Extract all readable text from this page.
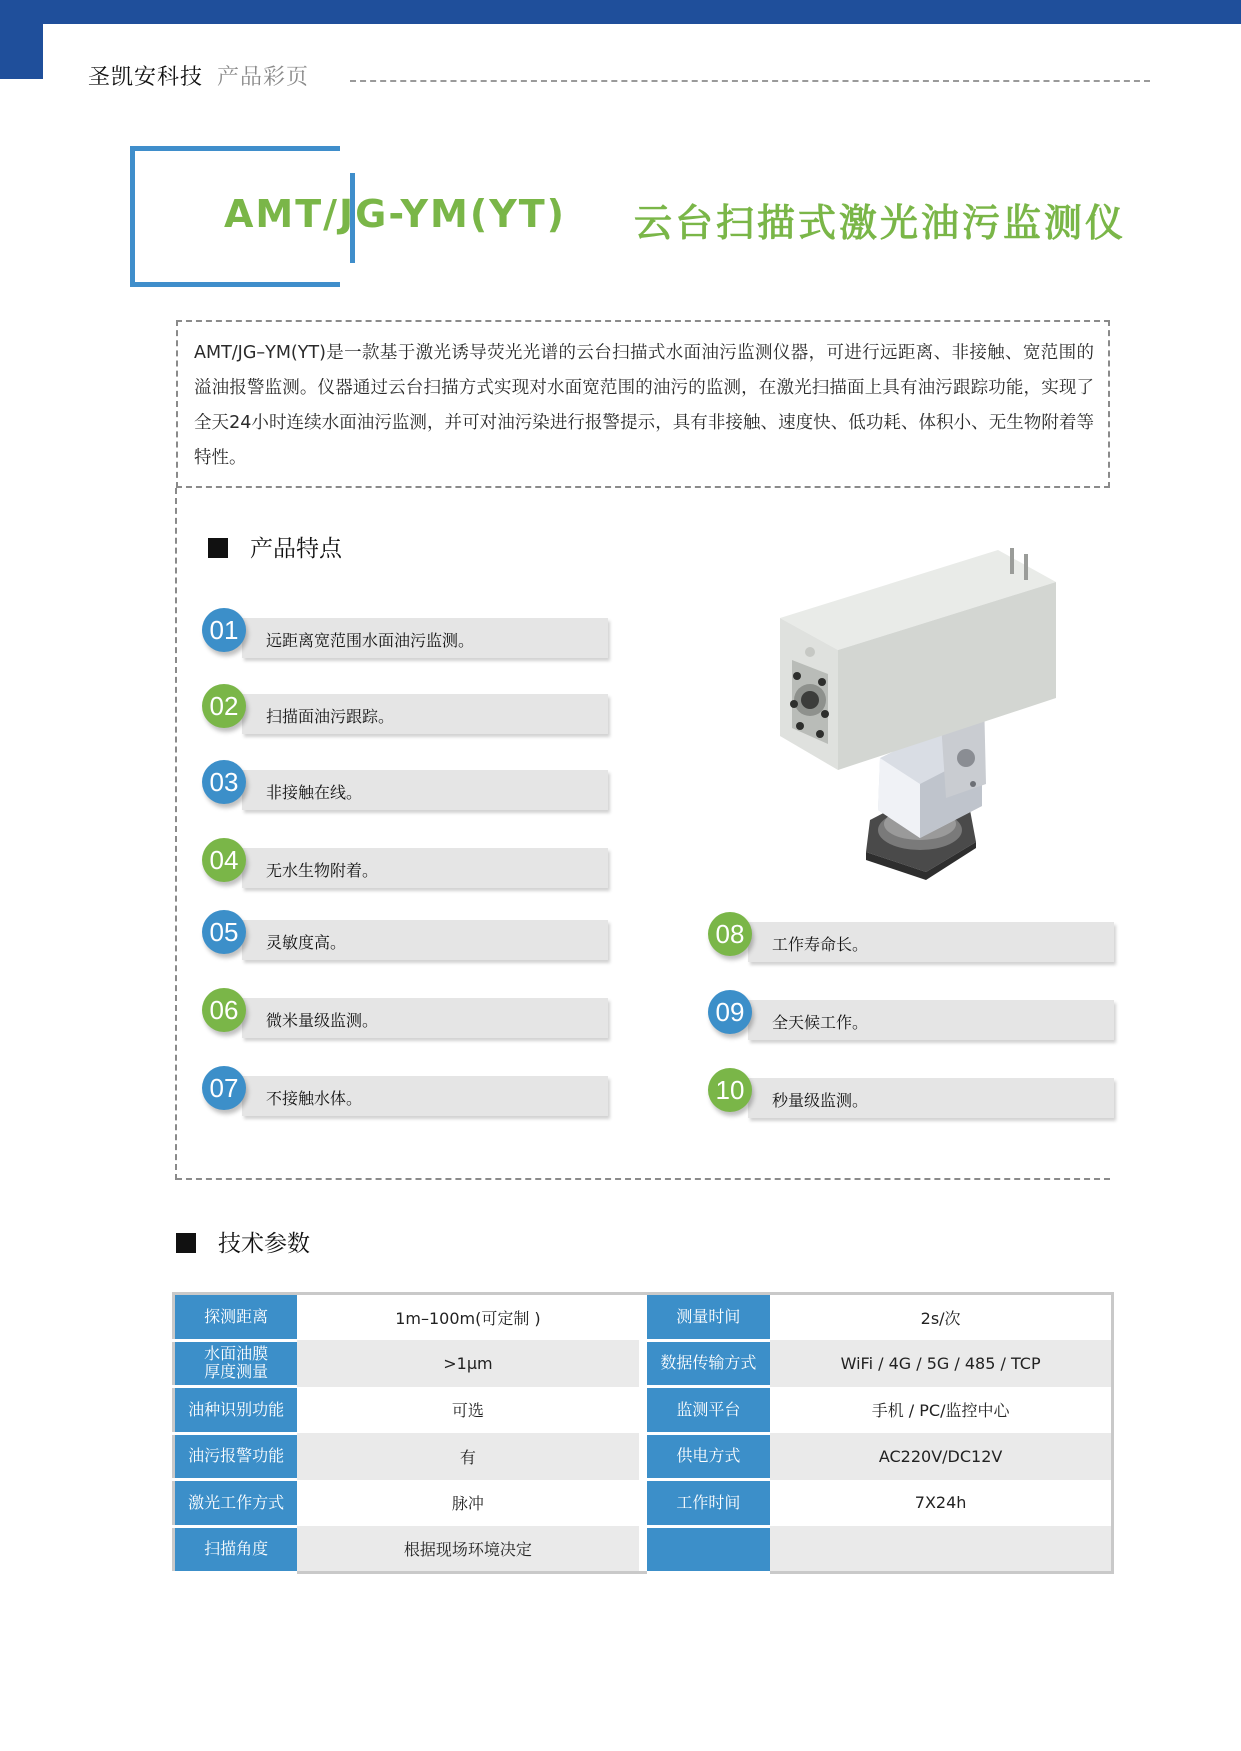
圣凯安科技 产品彩页
AMT/JG-YM(YT) 云台扫描式激光油污监测仪
AMT/JG–YM(YT)是一款基于激光诱导荧光光谱的云台扫描式水面油污监测仪器，可进行远距离、非接触、宽范围的溢油报警监测。仪器通过云台扫描方式实现对水面宽范围的油污的监测，在激光扫描面上具有油污跟踪功能，实现了全天24小时连续水面油污监测，并可对油污染进行报警提示，具有非接触、速度快、低功耗、体积小、无生物附着等特性。
产品特点
01	远距离宽范围水面油污监测。
02	扫描面油污跟踪。
03	非接触在线。
04	无水生物附着。
05	灵敏度高。
06	微米量级监测。
07	不接触水体。
08	工作寿命长。
09	全天候工作。
10	秒量级监测。
技术参数
探测距离	1m–100m(可定制 )		测量时间	2s/次
水面油膜
厚度测量	>1μm		数据传输方式	WiFi / 4G / 5G / 485 / TCP
油种识别功能	可选		监测平台	手机 / PC/监控中心
油污报警功能	有		供电方式	AC220V/DC12V
激光工作方式	脉冲		工作时间	7X24h
扫描角度	根据现场环境决定			
